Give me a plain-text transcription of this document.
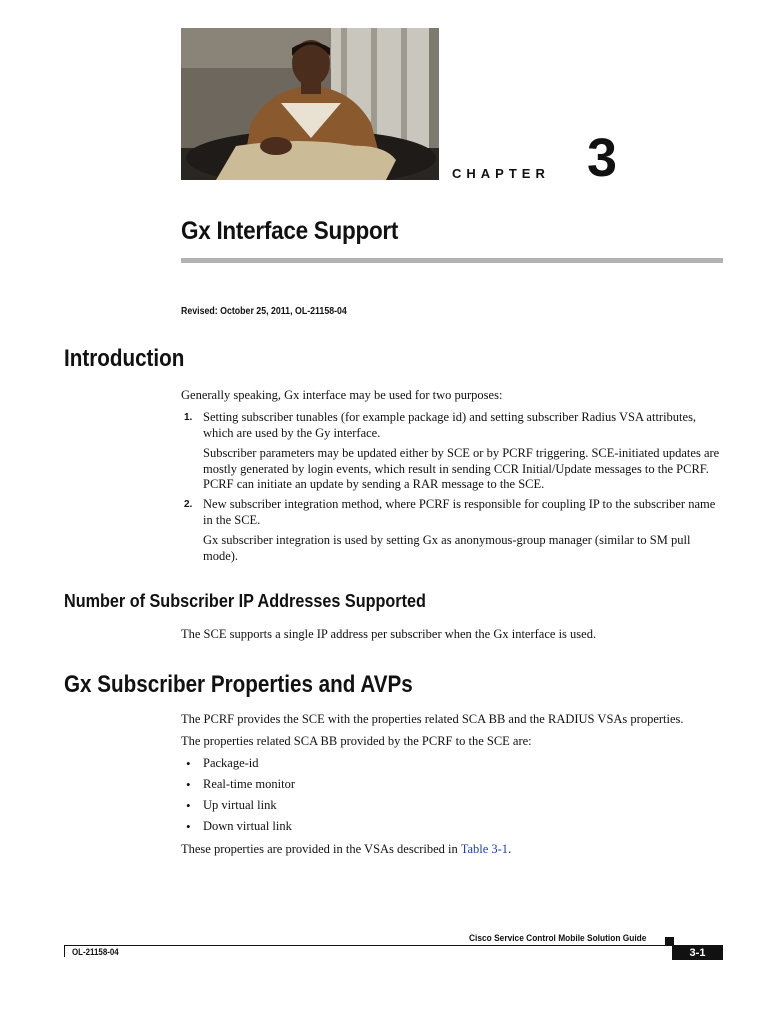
CHAPTER 3
Gx Interface Support
Revised: October 25, 2011, OL-21158-04
Introduction
Generally speaking, Gx interface may be used for two purposes:
1. Setting subscriber tunables (for example package id) and setting subscriber Radius VSA attributes, which are used by the Gy interface.
Subscriber parameters may be updated either by SCE or by PCRF triggering. SCE-initiated updates are mostly generated by login events, which result in sending CCR Initial/Update messages to the PCRF. PCRF can initiate an update by sending a RAR message to the SCE.
2. New subscriber integration method, where PCRF is responsible for coupling IP to the subscriber name in the SCE.
Gx subscriber integration is used by setting Gx as anonymous-group manager (similar to SM pull mode).
Number of Subscriber IP Addresses Supported
The SCE supports a single IP address per subscriber when the Gx interface is used.
Gx Subscriber Properties and AVPs
The PCRF provides the SCE with the properties related SCA BB and the RADIUS VSAs properties.
The properties related SCA BB provided by the PCRF to the SCE are:
• Package-id
• Real-time monitor
• Up virtual link
• Down virtual link
These properties are provided in the VSAs described in Table 3-1.
Cisco Service Control Mobile Solution Guide
OL-21158-04	3-1
